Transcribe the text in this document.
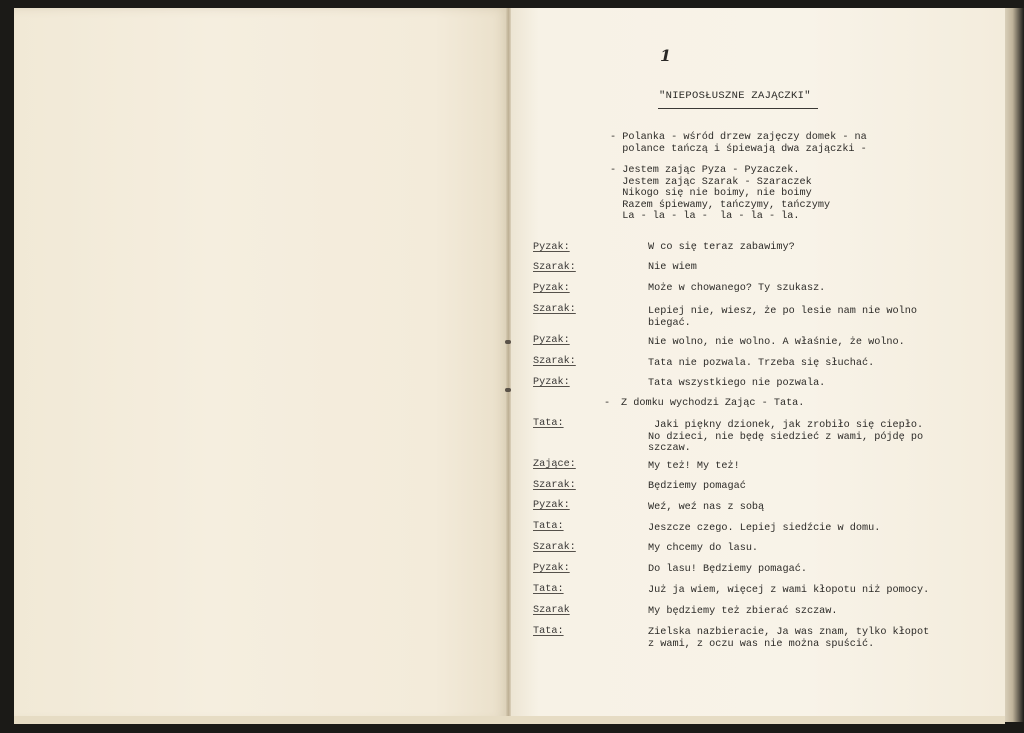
1
"NIEPOSŁUSZNE ZAJĄCZKI"
- Polanka - wśród drzew zajęczy domek - na
polance tańczą i śpiewają dwa zajączki -
- Jestem zając Pyza - Pyzaczek.
Jestem zając Szarak - Szaraczek
Nikogo się nie boimy, nie boimy
Razem śpiewamy, tańczymy, tańczymy
La - la - la -  la - la - la.
Pyzak:	W co się teraz zabawimy?
Szarak:	Nie wiem
Pyzak:	Może w chowanego? Ty szukasz.
Szarak:	Lepiej nie, wiesz, że po lesie nam nie wolno
biegać.
Pyzak:	Nie wolno, nie wolno. A właśnie, że wolno.
Szarak:	Tata nie pozwala. Trzeba się słuchać.
Pyzak:	Tata wszystkiego nie pozwala.
- Z domku wychodzi Zając - Tata.
Tata:	Jaki piękny dzionek, jak zrobiło się ciepło.
No dzieci, nie będę siedzieć z wami, pójdę po
szczaw.
Zające:	My też! My też!
Szarak:	Będziemy pomagać
Pyzak:	Weź, weź nas z sobą
Tata:	Jeszcze czego. Lepiej siedźcie w domu.
Szarak:	My chcemy do lasu.
Pyzak:	Do lasu! Będziemy pomagać.
Tata:	Już ja wiem, więcej z wami kłopotu niż pomocy.
Szarak	My będziemy też zbierać szczaw.
Tata:	Zielska nazbieracie, Ja was znam, tylko kłopot
z wami, z oczu was nie można spuścić.
